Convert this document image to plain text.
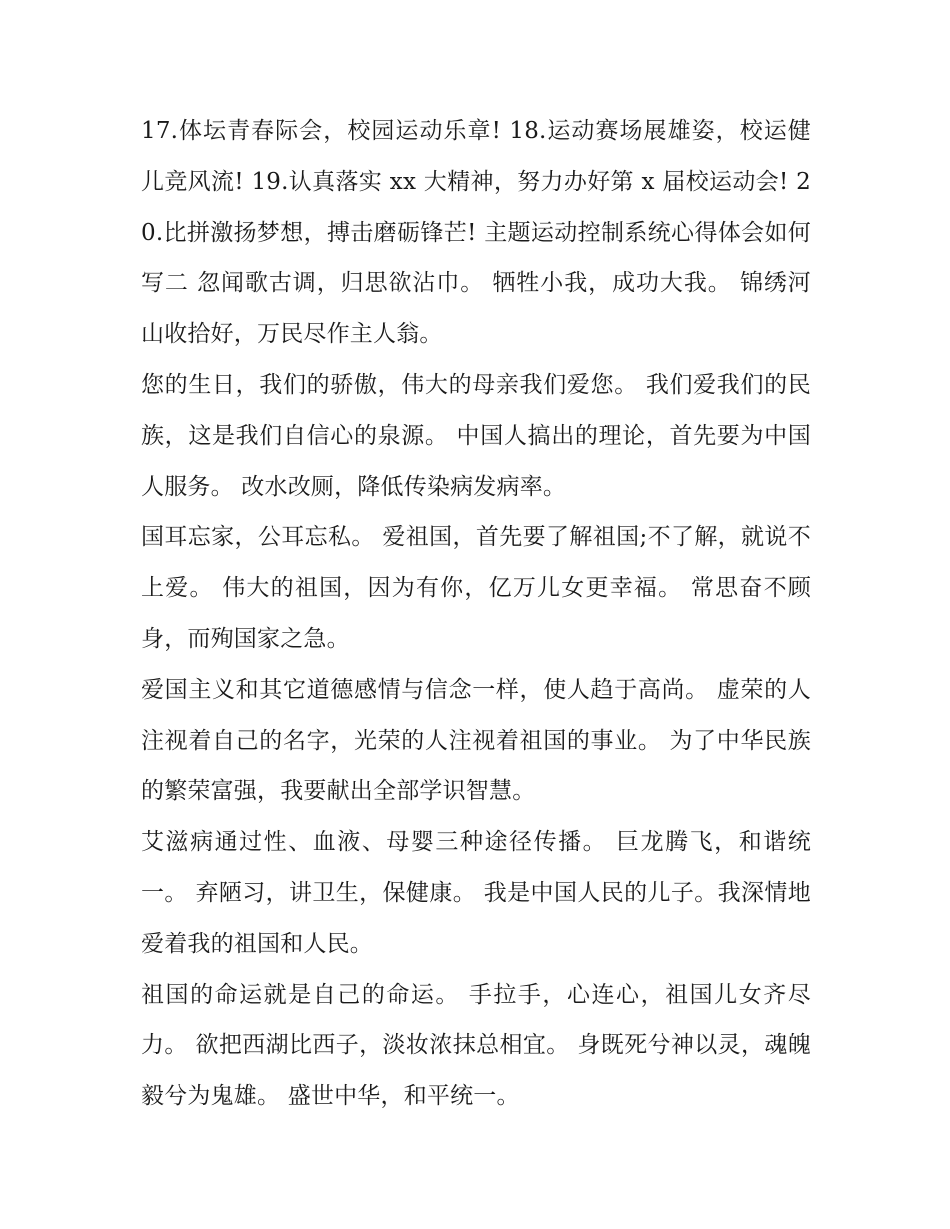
17.体坛青春际会，校园运动乐章! 18.运动赛场展雄姿，校运健儿竞风流! 19.认真落实 xx 大精神，努力办好第 x 届校运动会! 20.比拼激扬梦想，搏击磨砺锋芒! 主题运动控制系统心得体会如何写二 忽闻歌古调，归思欲沾巾。 牺牲小我，成功大我。 锦绣河山收拾好，万民尽作主人翁。

您的生日，我们的骄傲，伟大的母亲我们爱您。 我们爱我们的民族，这是我们自信心的泉源。 中国人搞出的理论，首先要为中国人服务。 改水改厕，降低传染病发病率。

国耳忘家，公耳忘私。 爱祖国，首先要了解祖国;不了解，就说不上爱。 伟大的祖国，因为有你，亿万儿女更幸福。 常思奋不顾身，而殉国家之急。

爱国主义和其它道德感情与信念一样，使人趋于高尚。 虚荣的人注视着自己的名字，光荣的人注视着祖国的事业。 为了中华民族的繁荣富强，我要献出全部学识智慧。

艾滋病通过性、血液、母婴三种途径传播。 巨龙腾飞，和谐统一。 弃陋习，讲卫生，保健康。 我是中国人民的儿子。我深情地爱着我的祖国和人民。

祖国的命运就是自己的命运。 手拉手，心连心，祖国儿女齐尽力。 欲把西湖比西子，淡妆浓抹总相宜。 身既死兮神以灵，魂魄毅兮为鬼雄。 盛世中华，和平统一。
